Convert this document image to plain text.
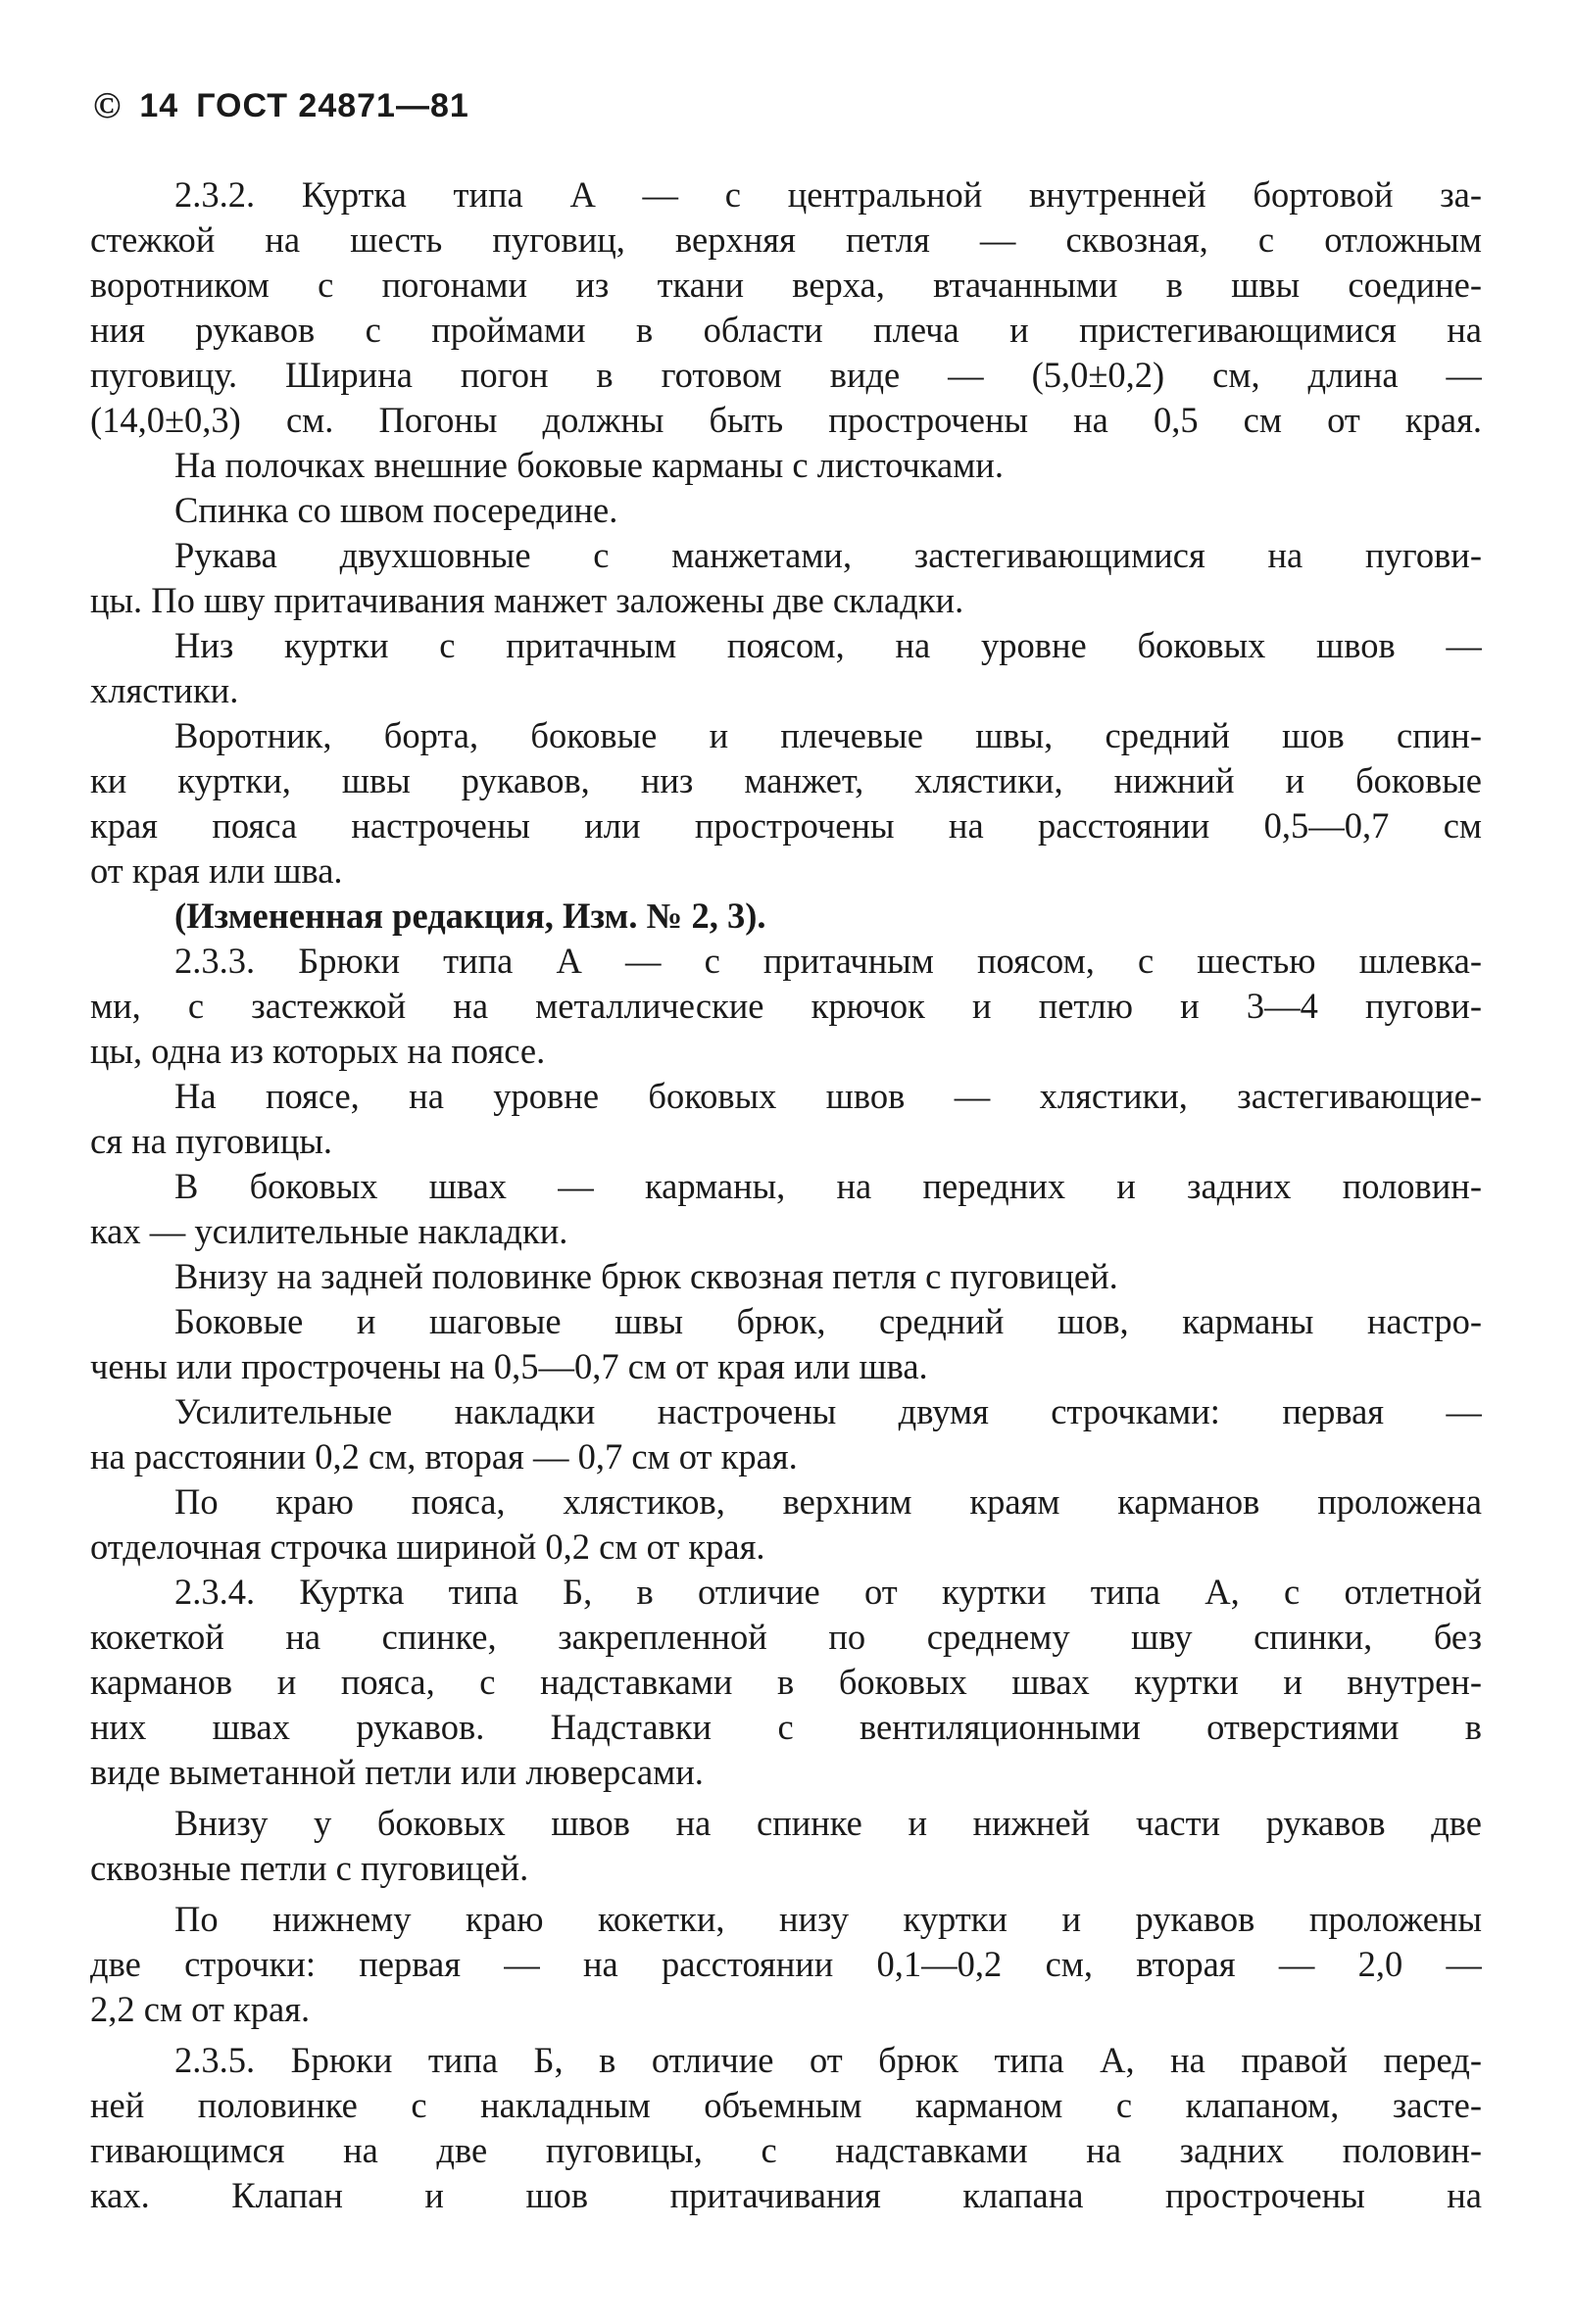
© 14 ГОСТ 24871—81
2.3.2. Куртка типа А — с центральной внутренней бортовой за-
стежкой на шесть пуговиц, верхняя петля — сквозная, с отложным
воротником с погонами из ткани верха, втачанными в швы соедине-
ния рукавов с проймами в области плеча и пристегивающимися на
пуговицу. Ширина погон в готовом виде — (5,0±0,2) см, длина —
(14,0±0,3) см. Погоны должны быть прострочены на 0,5 см от края.
На полочках внешние боковые карманы с листочками.
Спинка со швом посередине.
Рукава двухшовные с манжетами, застегивающимися на пугови-
цы. По шву притачивания манжет заложены две складки.
Низ куртки с притачным поясом, на уровне боковых швов —
хлястики.
Воротник, борта, боковые и плечевые швы, средний шов спин-
ки куртки, швы рукавов, низ манжет, хлястики, нижний и боковые
края пояса настрочены или прострочены на расстоянии 0,5—0,7 см
от края или шва.
(Измененная редакция, Изм. № 2, 3).
2.3.3. Брюки типа А — с притачным поясом, с шестью шлевка-
ми, с застежкой на металлические крючок и петлю и 3—4 пугови-
цы, одна из которых на поясе.
На поясе, на уровне боковых швов — хлястики, застегивающие-
ся на пуговицы.
В боковых швах — карманы, на передних и задних половин-
ках — усилительные накладки.
Внизу на задней половинке брюк сквозная петля с пуговицей.
Боковые и шаговые швы брюк, средний шов, карманы настро-
чены или прострочены на 0,5—0,7 см от края или шва.
Усилительные накладки настрочены двумя строчками: первая —
на расстоянии 0,2 см, вторая — 0,7 см от края.
По краю пояса, хлястиков, верхним краям карманов проложена
отделочная строчка шириной 0,2 см от края.
2.3.4. Куртка типа Б, в отличие от куртки типа А, с отлетной
кокеткой на спинке, закрепленной по среднему шву спинки, без
карманов и пояса, с надставками в боковых швах куртки и внутрен-
них швах рукавов. Надставки с вентиляционными отверстиями в
виде выметанной петли или люверсами.
Внизу у боковых швов на спинке и нижней части рукавов две
сквозные петли с пуговицей.
По нижнему краю кокетки, низу куртки и рукавов проложены
две строчки: первая — на расстоянии 0,1—0,2 см, вторая — 2,0 —
2,2 см от края.
2.3.5. Брюки типа Б, в отличие от брюк типа А, на правой перед-
ней половинке с накладным объемным карманом с клапаном, засте-
гивающимся на две пуговицы, с надставками на задних половин-
ках. Клапан и шов притачивания клапана прострочены на
